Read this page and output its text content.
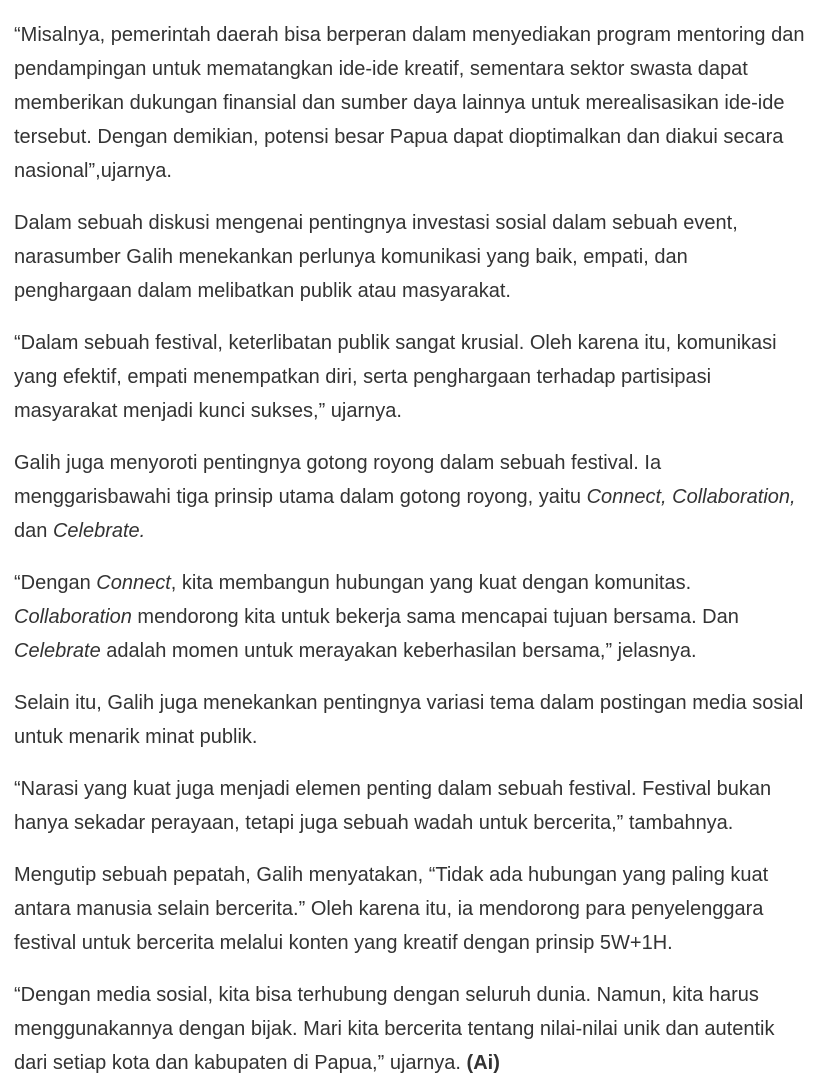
“Misalnya, pemerintah daerah bisa berperan dalam menyediakan program mentoring dan pendampingan untuk mematangkan ide-ide kreatif, sementara sektor swasta dapat memberikan dukungan finansial dan sumber daya lainnya untuk merealisasikan ide-ide tersebut. Dengan demikian, potensi besar Papua dapat dioptimalkan dan diakui secara nasional”,ujarnya.

Dalam sebuah diskusi mengenai pentingnya investasi sosial dalam sebuah event, narasumber Galih menekankan perlunya komunikasi yang baik, empati, dan penghargaan dalam melibatkan publik atau masyarakat.

“Dalam sebuah festival, keterlibatan publik sangat krusial. Oleh karena itu, komunikasi yang efektif, empati menempatkan diri, serta penghargaan terhadap partisipasi masyarakat menjadi kunci sukses,” ujarnya.

Galih juga menyoroti pentingnya gotong royong dalam sebuah festival. Ia menggarisbawahi tiga prinsip utama dalam gotong royong, yaitu Connect, Collaboration, dan Celebrate.

“Dengan Connect, kita membangun hubungan yang kuat dengan komunitas. Collaboration mendorong kita untuk bekerja sama mencapai tujuan bersama. Dan Celebrate adalah momen untuk merayakan keberhasilan bersama,” jelasnya.

Selain itu, Galih juga menekankan pentingnya variasi tema dalam postingan media sosial untuk menarik minat publik.

“Narasi yang kuat juga menjadi elemen penting dalam sebuah festival. Festival bukan hanya sekadar perayaan, tetapi juga sebuah wadah untuk bercerita,” tambahnya.

Mengutip sebuah pepatah, Galih menyatakan, “Tidak ada hubungan yang paling kuat antara manusia selain bercerita.” Oleh karena itu, ia mendorong para penyelenggara festival untuk bercerita melalui konten yang kreatif dengan prinsip 5W+1H.

“Dengan media sosial, kita bisa terhubung dengan seluruh dunia. Namun, kita harus menggunakannya dengan bijak. Mari kita bercerita tentang nilai-nilai unik dan autentik dari setiap kota dan kabupaten di Papua,” ujarnya. (Ai)
